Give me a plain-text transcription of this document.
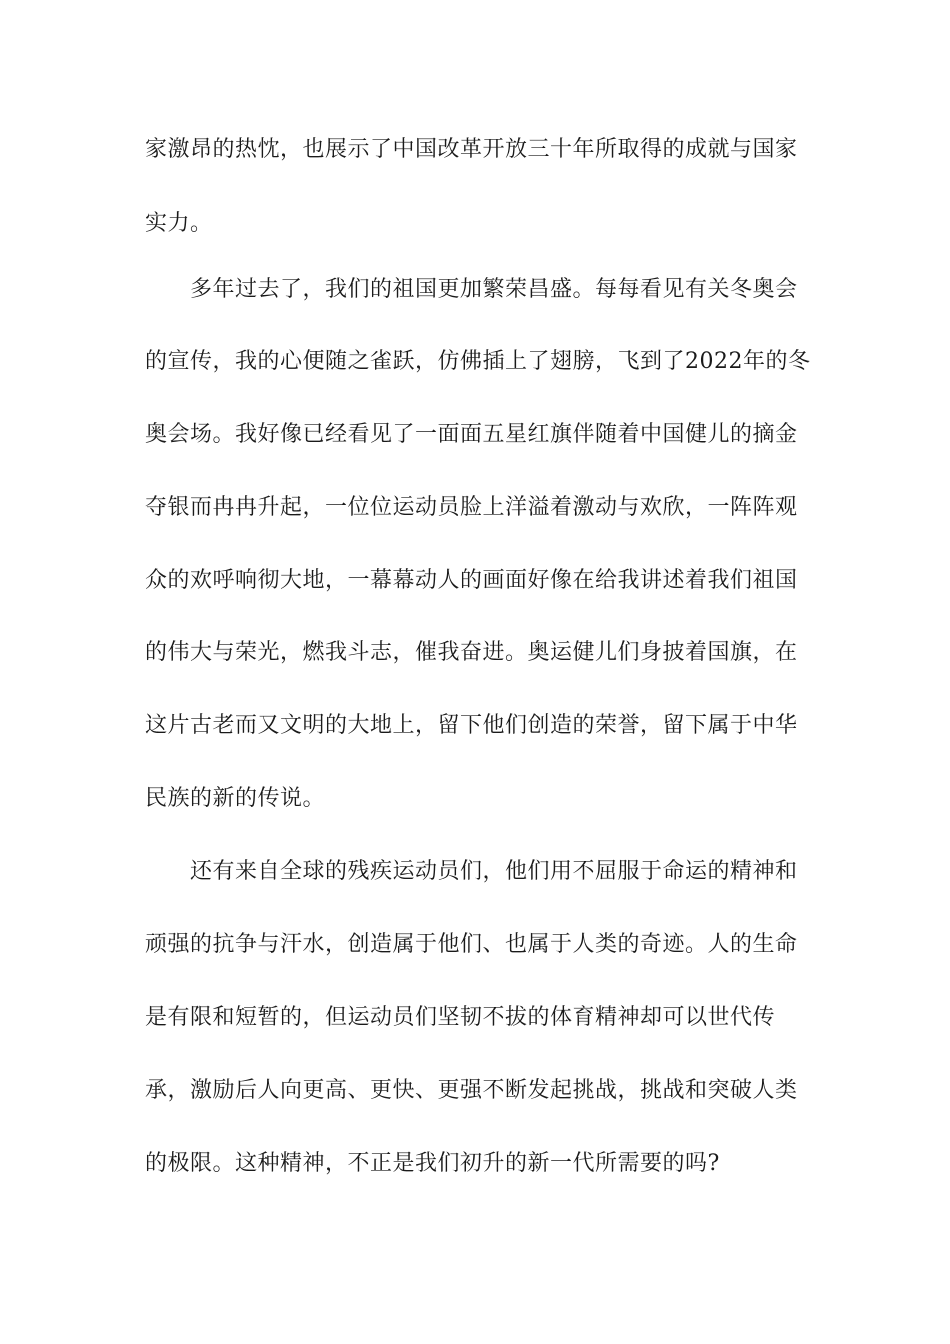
家激昂的热忱，也展示了中国改革开放三十年所取得的成就与国家
实力。
多年过去了，我们的祖国更加繁荣昌盛。每每看见有关冬奥会
的宣传，我的心便随之雀跃，仿佛插上了翅膀，飞到了2022年的冬
奥会场。我好像已经看见了一面面五星红旗伴随着中国健儿的摘金
夺银而冉冉升起，一位位运动员脸上洋溢着激动与欢欣，一阵阵观
众的欢呼响彻大地，一幕幕动人的画面好像在给我讲述着我们祖国
的伟大与荣光，燃我斗志，催我奋进。奥运健儿们身披着国旗，在
这片古老而又文明的大地上，留下他们创造的荣誉，留下属于中华
民族的新的传说。
还有来自全球的残疾运动员们，他们用不屈服于命运的精神和
顽强的抗争与汗水，创造属于他们、也属于人类的奇迹。人的生命
是有限和短暂的，但运动员们坚韧不拔的体育精神却可以世代传
承，激励后人向更高、更快、更强不断发起挑战，挑战和突破人类
的极限。这种精神，不正是我们初升的新一代所需要的吗?
